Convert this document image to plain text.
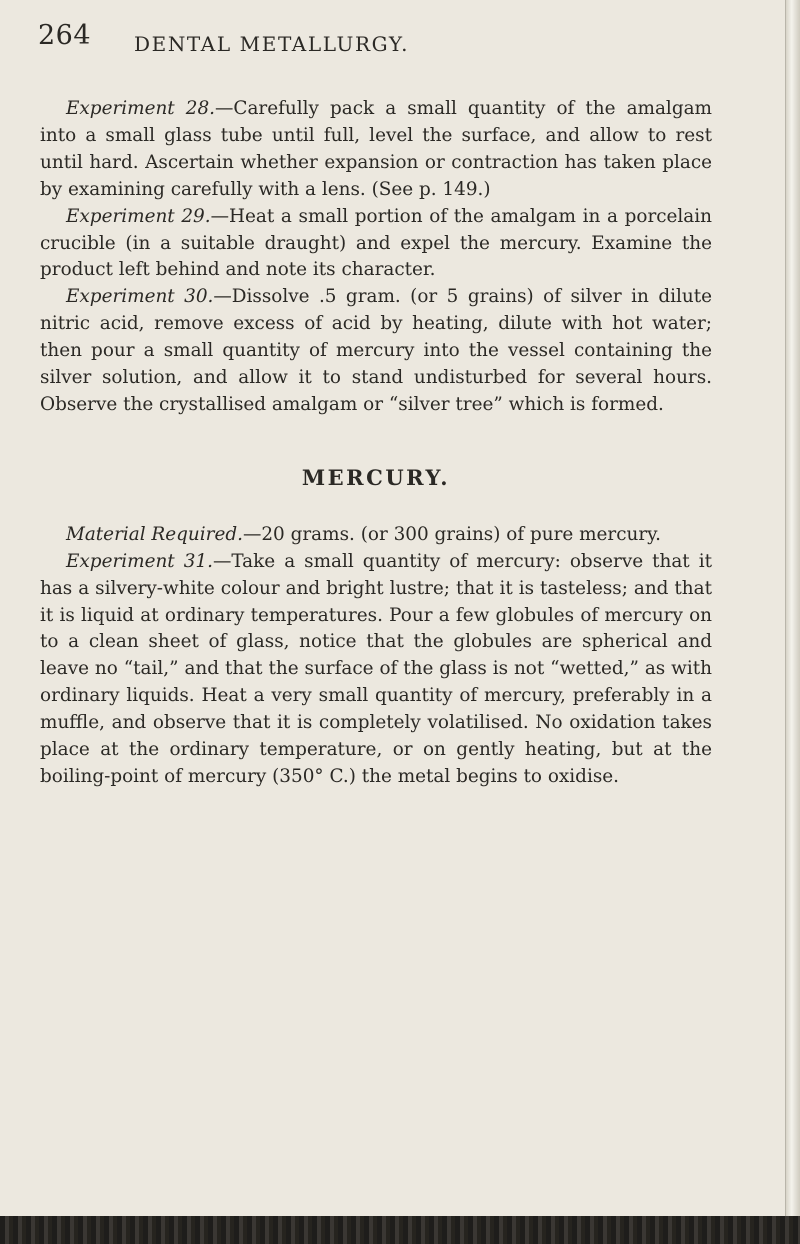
264 DENTAL METALLURGY.

Experiment 28.—Carefully pack a small quantity of the amalgam into a small glass tube until full, level the surface, and allow to rest until hard. Ascertain whether expansion or contraction has taken place by examining carefully with a lens. (See p. 149.)

Experiment 29.—Heat a small portion of the amalgam in a porcelain crucible (in a suitable draught) and expel the mercury. Examine the product left behind and note its character.

Experiment 30.—Dissolve .5 gram. (or 5 grains) of silver in dilute nitric acid, remove excess of acid by heating, dilute with hot water; then pour a small quantity of mercury into the vessel containing the silver solution, and allow it to stand undisturbed for several hours. Observe the crystallised amalgam or “silver tree” which is formed.

MERCURY.

Material Required.—20 grams. (or 300 grains) of pure mercury.

Experiment 31.—Take a small quantity of mercury: observe that it has a silvery-white colour and bright lustre; that it is tasteless; and that it is liquid at ordinary temperatures. Pour a few globules of mercury on to a clean sheet of glass, notice that the globules are spherical and leave no “tail,” and that the surface of the glass is not “wetted,” as with ordinary liquids. Heat a very small quantity of mercury, preferably in a muffle, and observe that it is completely volatilised. No oxidation takes place at the ordinary temperature, or on gently heating, but at the boiling-point of mercury (350° C.) the metal begins to oxidise.
